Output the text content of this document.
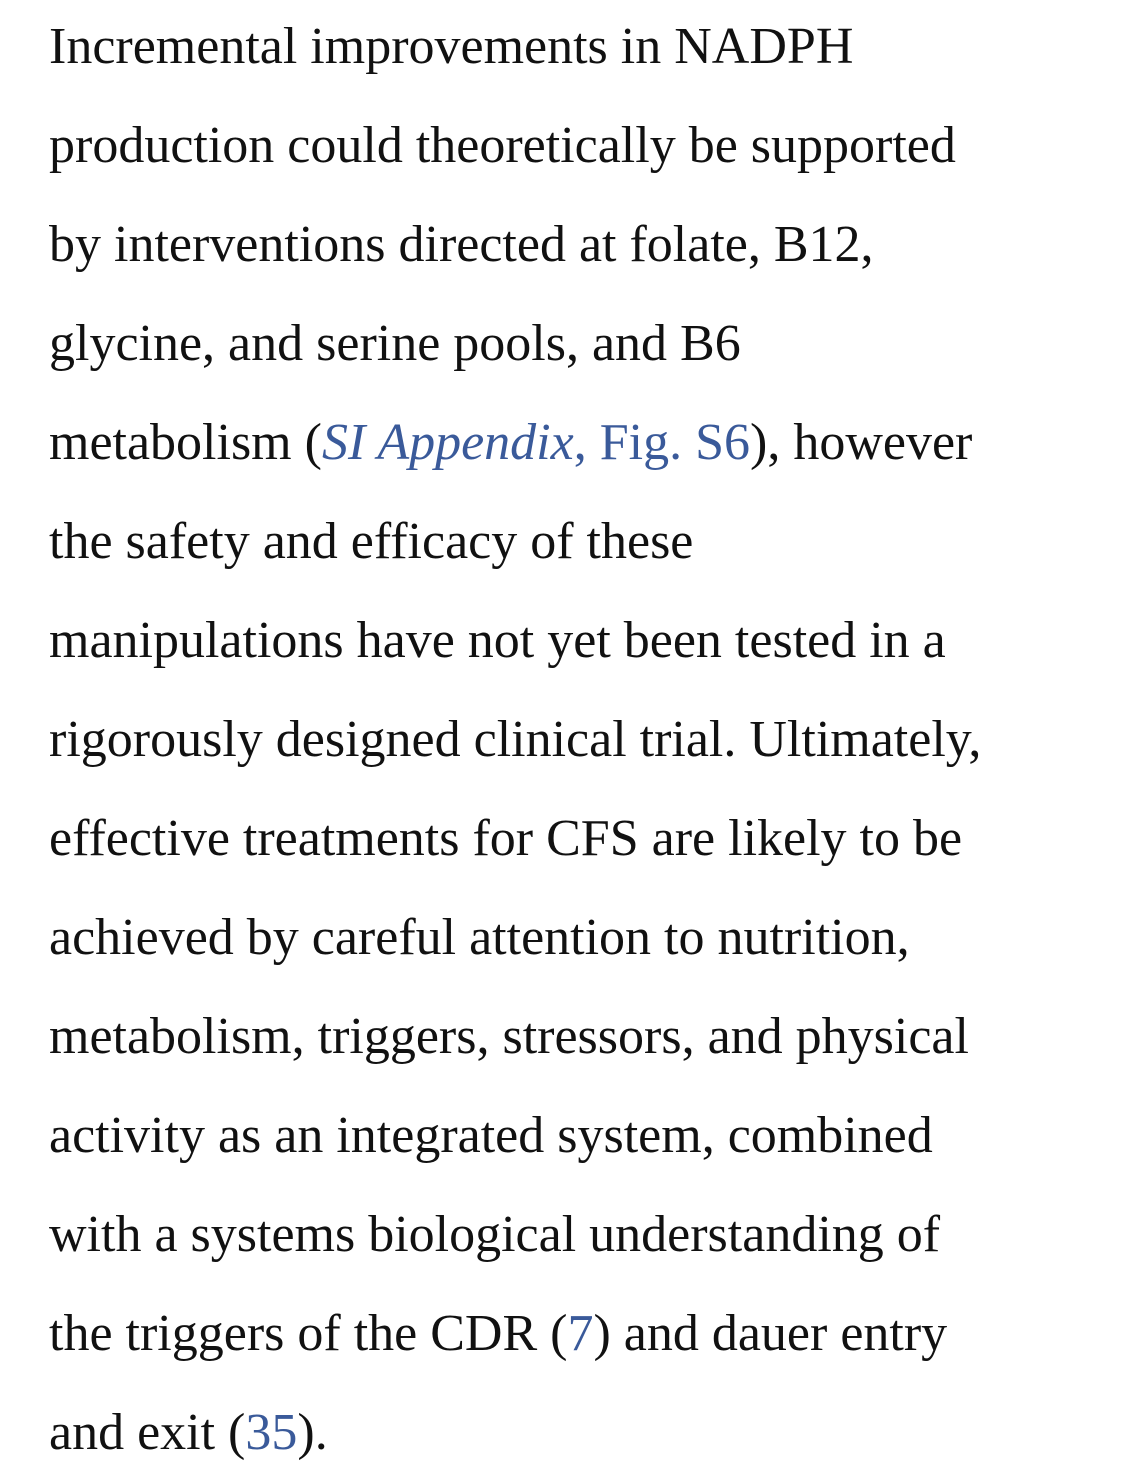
Incremental improvements in NADPH
production could theoretically be supported
by interventions directed at folate, B12,
glycine, and serine pools, and B6
metabolism (SI Appendix, Fig. S6), however
the safety and efficacy of these
manipulations have not yet been tested in a
rigorously designed clinical trial. Ultimately,
effective treatments for CFS are likely to be
achieved by careful attention to nutrition,
metabolism, triggers, stressors, and physical
activity as an integrated system, combined
with a systems biological understanding of
the triggers of the CDR (7) and dauer entry
and exit (35).
